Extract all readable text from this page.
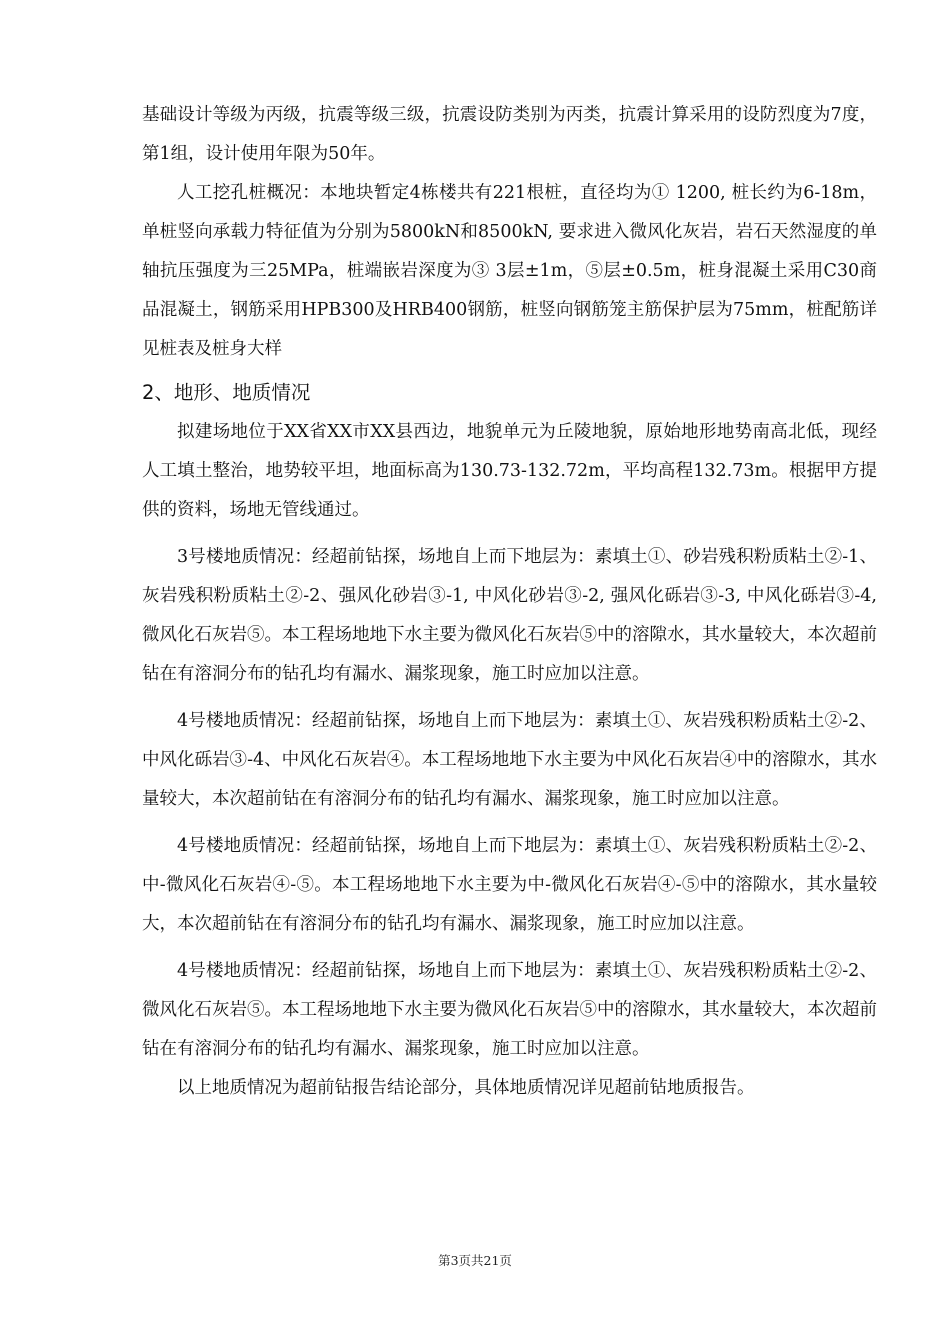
基础设计等级为丙级，抗震等级三级，抗震设防类别为丙类，抗震计算采用的设防烈度为7度，第1组，设计使用年限为50年。

人工挖孔桩概况：本地块暂定4栋楼共有221根桩，直径均为① 1200, 桩长约为6-18m，单桩竖向承载力特征值为分别为5800kN和8500kN, 要求进入微风化灰岩，岩石天然湿度的单轴抗压强度为三25MPa，桩端嵌岩深度为③ 3层±1m，⑤层±0.5m，桩身混凝土采用C30商品混凝土，钢筋采用HPB300及HRB400钢筋，桩竖向钢筋笼主筋保护层为75mm，桩配筋详见桩表及桩身大样

2、地形、地质情况

拟建场地位于XX省XX市XX县西边，地貌单元为丘陵地貌，原始地形地势南高北低，现经人工填土整治，地势较平坦，地面标高为130.73-132.72m，平均高程132.73m。根据甲方提供的资料，场地无管线通过。

3号楼地质情况：经超前钻探，场地自上而下地层为：素填土①、砂岩残积粉质粘土②-1、灰岩残积粉质粘土②-2、强风化砂岩③-1, 中风化砂岩③-2, 强风化砾岩③-3, 中风化砾岩③-4,微风化石灰岩⑤。本工程场地地下水主要为微风化石灰岩⑤中的溶隙水，其水量较大，本次超前钻在有溶洞分布的钻孔均有漏水、漏浆现象，施工时应加以注意。

4号楼地质情况：经超前钻探，场地自上而下地层为：素填土①、灰岩残积粉质粘土②-2、中风化砾岩③-4、中风化石灰岩④。本工程场地地下水主要为中风化石灰岩④中的溶隙水，其水量较大，本次超前钻在有溶洞分布的钻孔均有漏水、漏浆现象，施工时应加以注意。

4号楼地质情况：经超前钻探，场地自上而下地层为：素填土①、灰岩残积粉质粘土②-2、中-微风化石灰岩④-⑤。本工程场地地下水主要为中-微风化石灰岩④-⑤中的溶隙水，其水量较大，本次超前钻在有溶洞分布的钻孔均有漏水、漏浆现象，施工时应加以注意。

4号楼地质情况：经超前钻探，场地自上而下地层为：素填土①、灰岩残积粉质粘土②-2、微风化石灰岩⑤。本工程场地地下水主要为微风化石灰岩⑤中的溶隙水，其水量较大，本次超前钻在有溶洞分布的钻孔均有漏水、漏浆现象，施工时应加以注意。

以上地质情况为超前钻报告结论部分，具体地质情况详见超前钻地质报告。

第3页共21页
